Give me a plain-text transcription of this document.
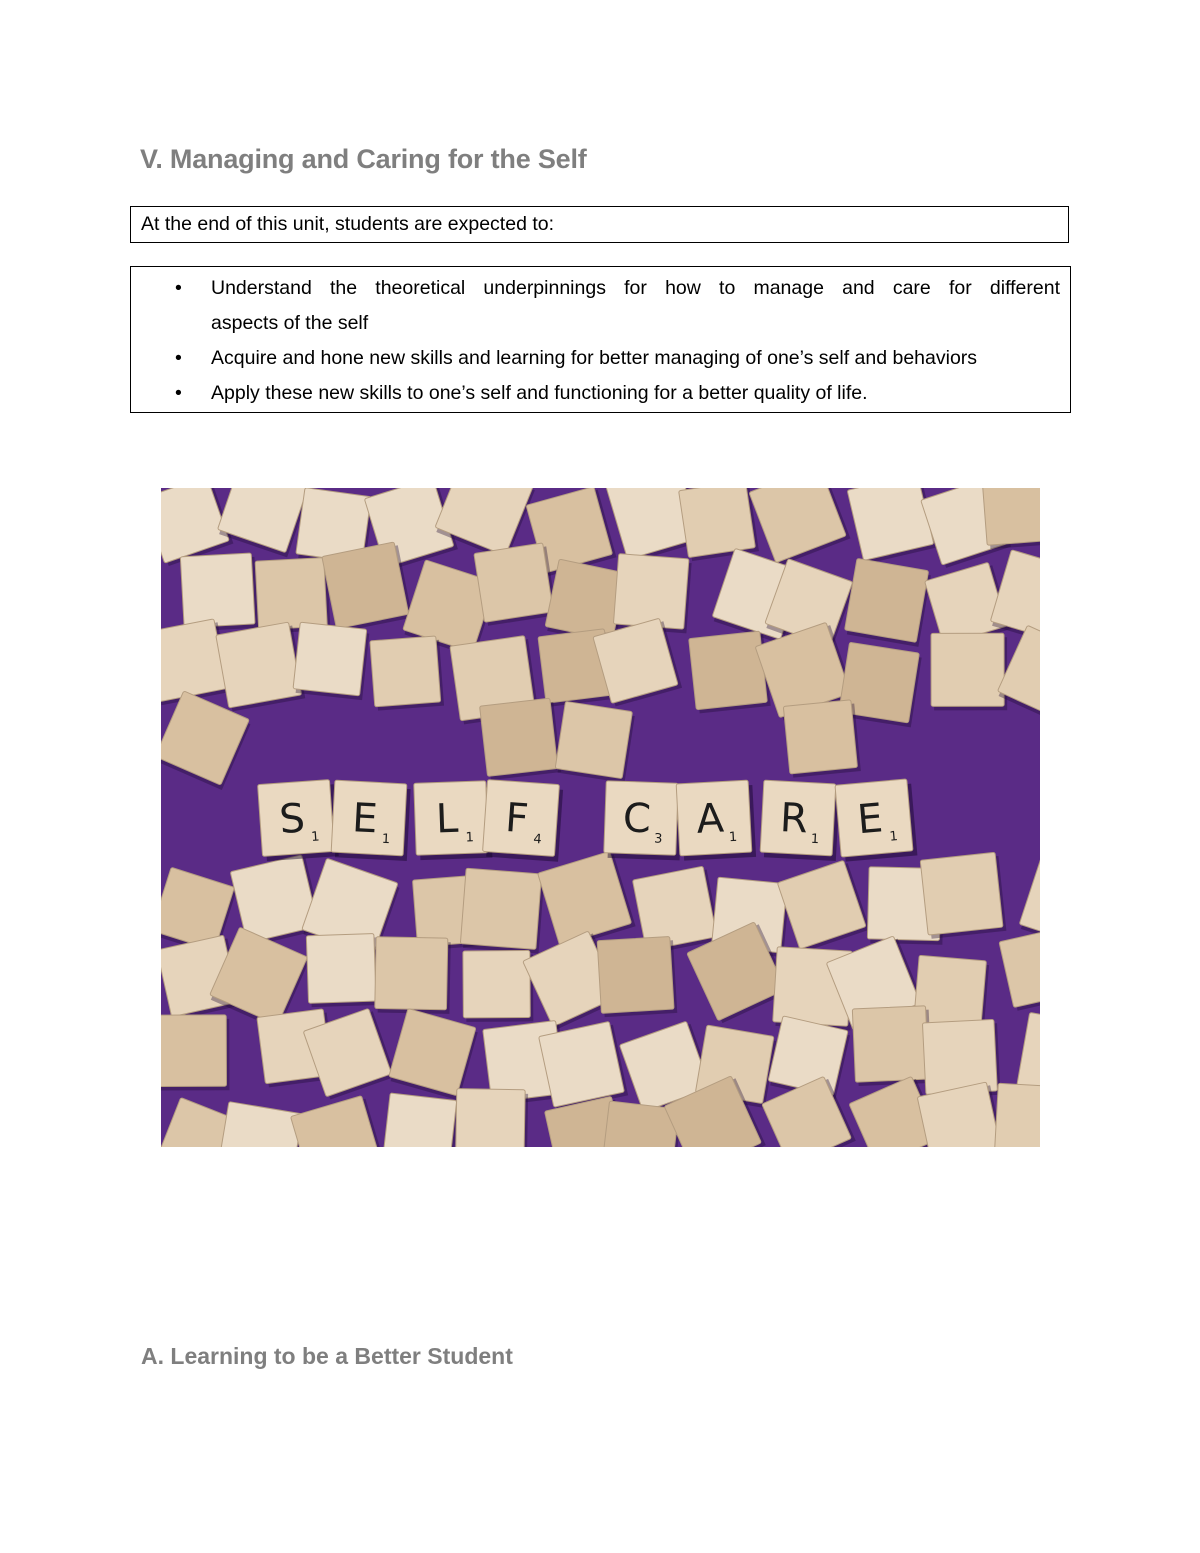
V. Managing and Caring for the Self
At the end of this unit, students are expected to:
• Understand the theoretical underpinnings for how to manage and care for different
aspects of the self
• Acquire and hone new skills and learning for better managing of one’s self and behaviors
• Apply these new skills to one’s self and functioning for a better quality of life.
S 1 E 1 L 1 F 4 C 3 A 1 R 1 E 1
A. Learning to be a Better Student
